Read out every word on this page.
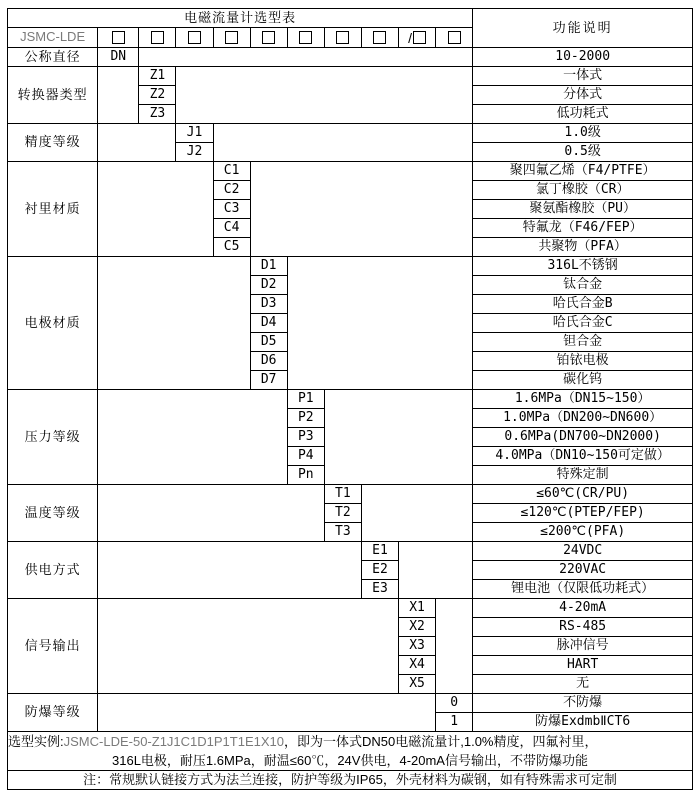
电磁流量计选型表											功能说明
JSMC-LDE									/		
公称直径	DN										10-2000
转换器类型		Z1									一体式
		Z2									分体式
		Z3									低功耗式
精度等级			J1								1.0级
			J2								0.5级
衬里材质				C1							聚四氟乙烯（F4/PTFE）
				C2							氯丁橡胶（CR）
				C3							聚氨酯橡胶（PU）
				C4							特氟龙（F46/FEP）
				C5							共聚物（PFA）
电极材质					D1						316L不锈钢
					D2						钛合金
					D3						哈氏合金B
					D4						哈氏合金C
					D5						钽合金
					D6						铂铱电极
					D7						碳化钨
压力等级						P1					1.6MPa（DN15~150）
						P2					1.0MPa（DN200~DN600）
						P3					0.6MPa(DN700~DN2000)
						P4					4.0MPa（DN10~150可定做）
						Pn					特殊定制
温度等级							T1				≤60℃(CR/PU)
							T2				≤120℃(PTEP/FEP)
							T3				≤200℃(PFA)
供电方式								E1			24VDC
								E2			220VAC
								E3			锂电池（仅限低功耗式）
信号输出									X1		4-20mA
									X2		RS-485
									X3		脉冲信号
									X4		HART
									X5		无
防爆等级										0	不防爆
										1	防爆ExdmbⅡCT6

选型实例:JSMC-LDE-50-Z1J1C1D1P1T1E1X10，即为一体式DN50电磁流量计,1.0%精度，四氟衬里，
316L电极，耐压1.6MPa，耐温≤60℃，24V供电，4-20mA信号输出，不带防爆功能											

注：常规默认链接方式为法兰连接，防护等级为IP65，外壳材料为碳钢，如有特殊需求可定制											
